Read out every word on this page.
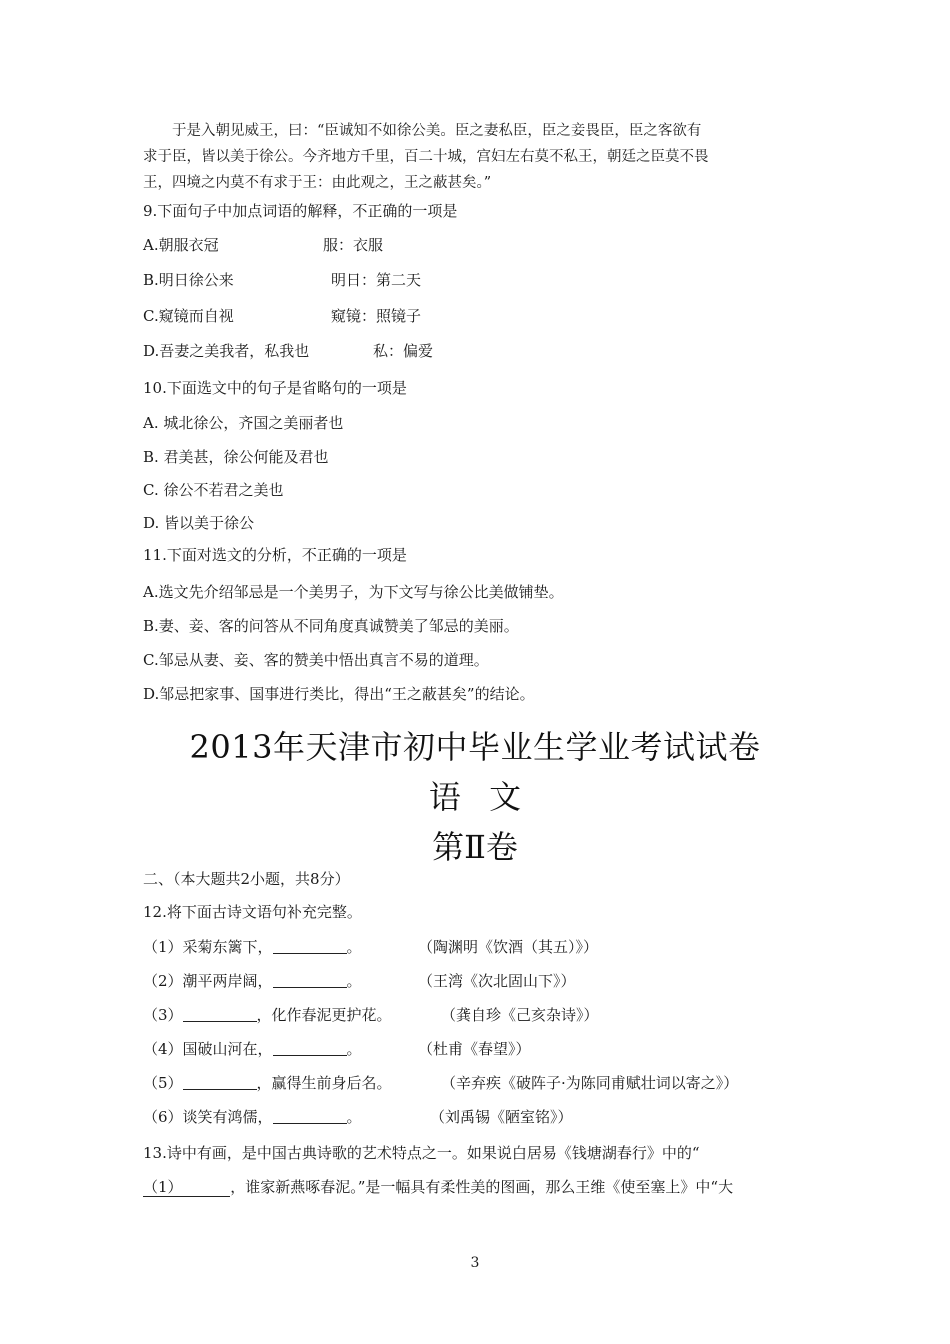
于是入朝见威王，曰：“臣诚知不如徐公美。臣之妻私臣，臣之妾畏臣，臣之客欲有
求于臣，皆以美于徐公。今齐地方千里，百二十城，宫妇左右莫不私王，朝廷之臣莫不畏
王，四境之内莫不有求于王：由此观之，王之蔽甚矣。”
9.下面句子中加点词语的解释，不正确的一项是
A.朝服衣冠	服：衣服
B.明日徐公来	明日：第二天
C.窥镜而自视	窥镜：照镜子
D.吾妻之美我者，私我也	私：偏爱
10.下面选文中的句子是省略句的一项是
A. 城北徐公，齐国之美丽者也
B. 君美甚，徐公何能及君也
C. 徐公不若君之美也
D. 皆以美于徐公
11.下面对选文的分析，不正确的一项是
A.选文先介绍邹忌是一个美男子，为下文写与徐公比美做铺垫。
B.妻、妾、客的问答从不同角度真诚赞美了邹忌的美丽。
C.邹忌从妻、妾、客的赞美中悟出真言不易的道理。
D.邹忌把家事、国事进行类比，得出“王之蔽甚矣”的结论。
2013年天津市初中毕业生学业考试试卷
语 文
第Ⅱ卷
二、（本大题共2小题，共8分）
12.将下面古诗文语句补充完整。
（1）采菊东篱下，	。	（陶渊明《饮酒（其五）》）
（2）潮平两岸阔，	。	（王湾《次北固山下》）
（3）	，化作春泥更护花。	（龚自珍《己亥杂诗》）
（4）国破山河在，	。	（杜甫《春望》）
（5）	，赢得生前身后名。	（辛弃疾《破阵子·为陈同甫赋壮词以寄之》）
（6）谈笑有鸿儒，	。	（刘禹锡《陋室铭》）
13.诗中有画，是中国古典诗歌的艺术特点之一。如果说白居易《钱塘湖春行》中的“
（1）	，谁家新燕啄春泥。”是一幅具有柔性美的图画，那么王维《使至塞上》中“大
3
